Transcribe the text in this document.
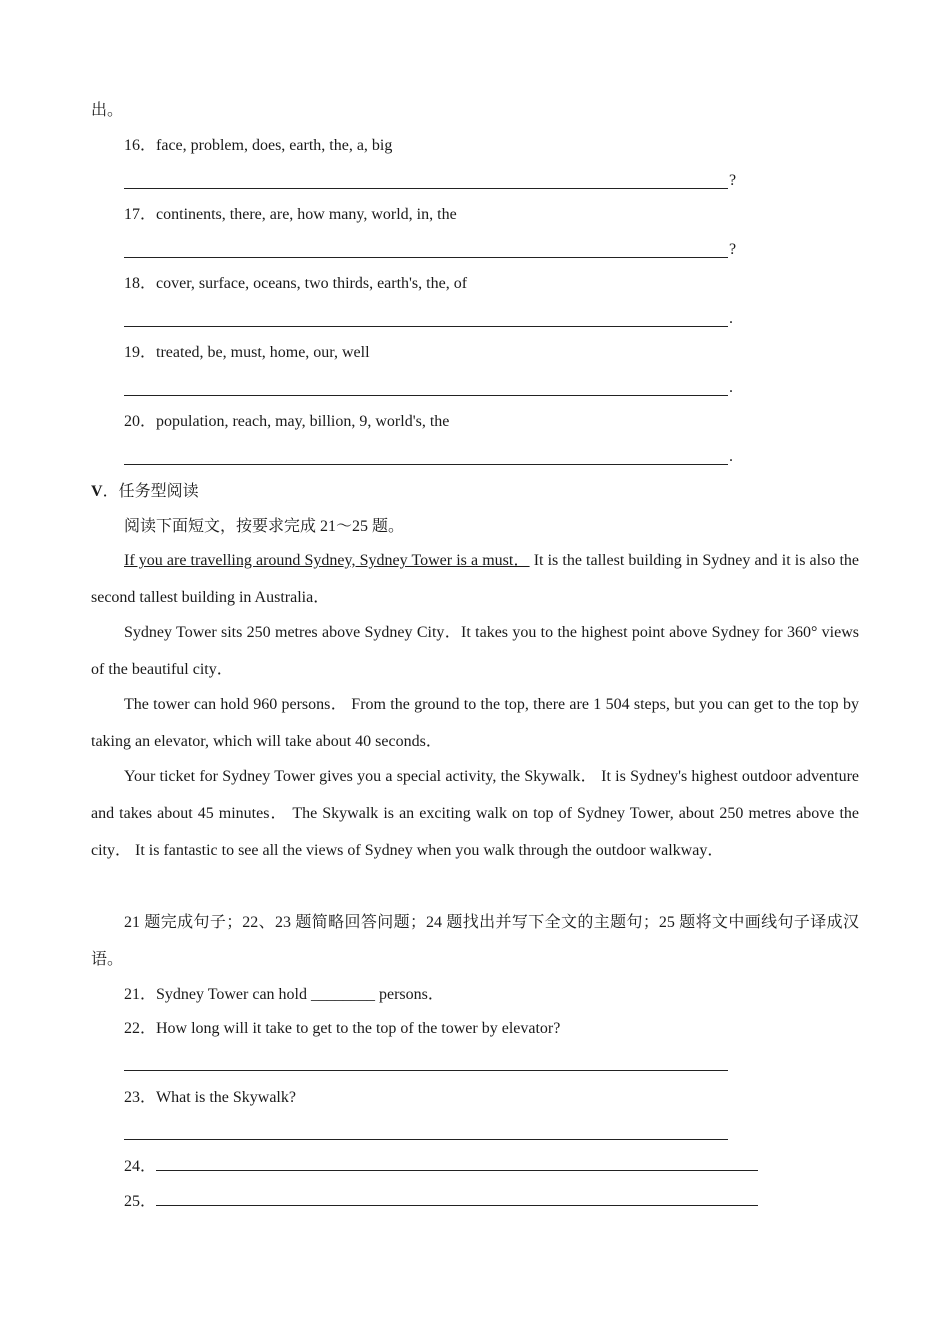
出。
16．face, problem, does, earth, the, a, big
?
17．continents, there, are, how many, world, in, the
?
18．cover, surface, oceans, two thirds, earth's, the, of
.
19．treated, be, must, home, our, well
.
20．population, reach, may, billion, 9, world's, the
.
V．任务型阅读
阅读下面短文，按要求完成 21～25 题。

If you are travelling around Sydney, Sydney Tower is a must． It is the tallest building in Sydney and it is also the second tallest building in Australia．

Sydney Tower sits 250 metres above Sydney City．It takes you to the highest point above Sydney for 360° views of the beautiful city．

The tower can hold 960 persons． From the ground to the top, there are 1 504 steps, but you can get to the top by taking an elevator, which will take about 40 seconds．

Your ticket for Sydney Tower gives you a special activity, the Skywalk． It is Sydney's highest outdoor adventure and takes about 45 minutes． The Skywalk is an exciting walk on top of Sydney Tower, about 250 metres above the city． It is fantastic to see all the views of Sydney when you walk through the outdoor walkway．

21 题完成句子；22、23 题简略回答问题；24 题找出并写下全文的主题句；25 题将文中画线句子译成汉语。

21．Sydney Tower can hold ________ persons．
22．How long will it take to get to the top of the tower by elevator?
23．What is the Skywalk?
24．
25．
